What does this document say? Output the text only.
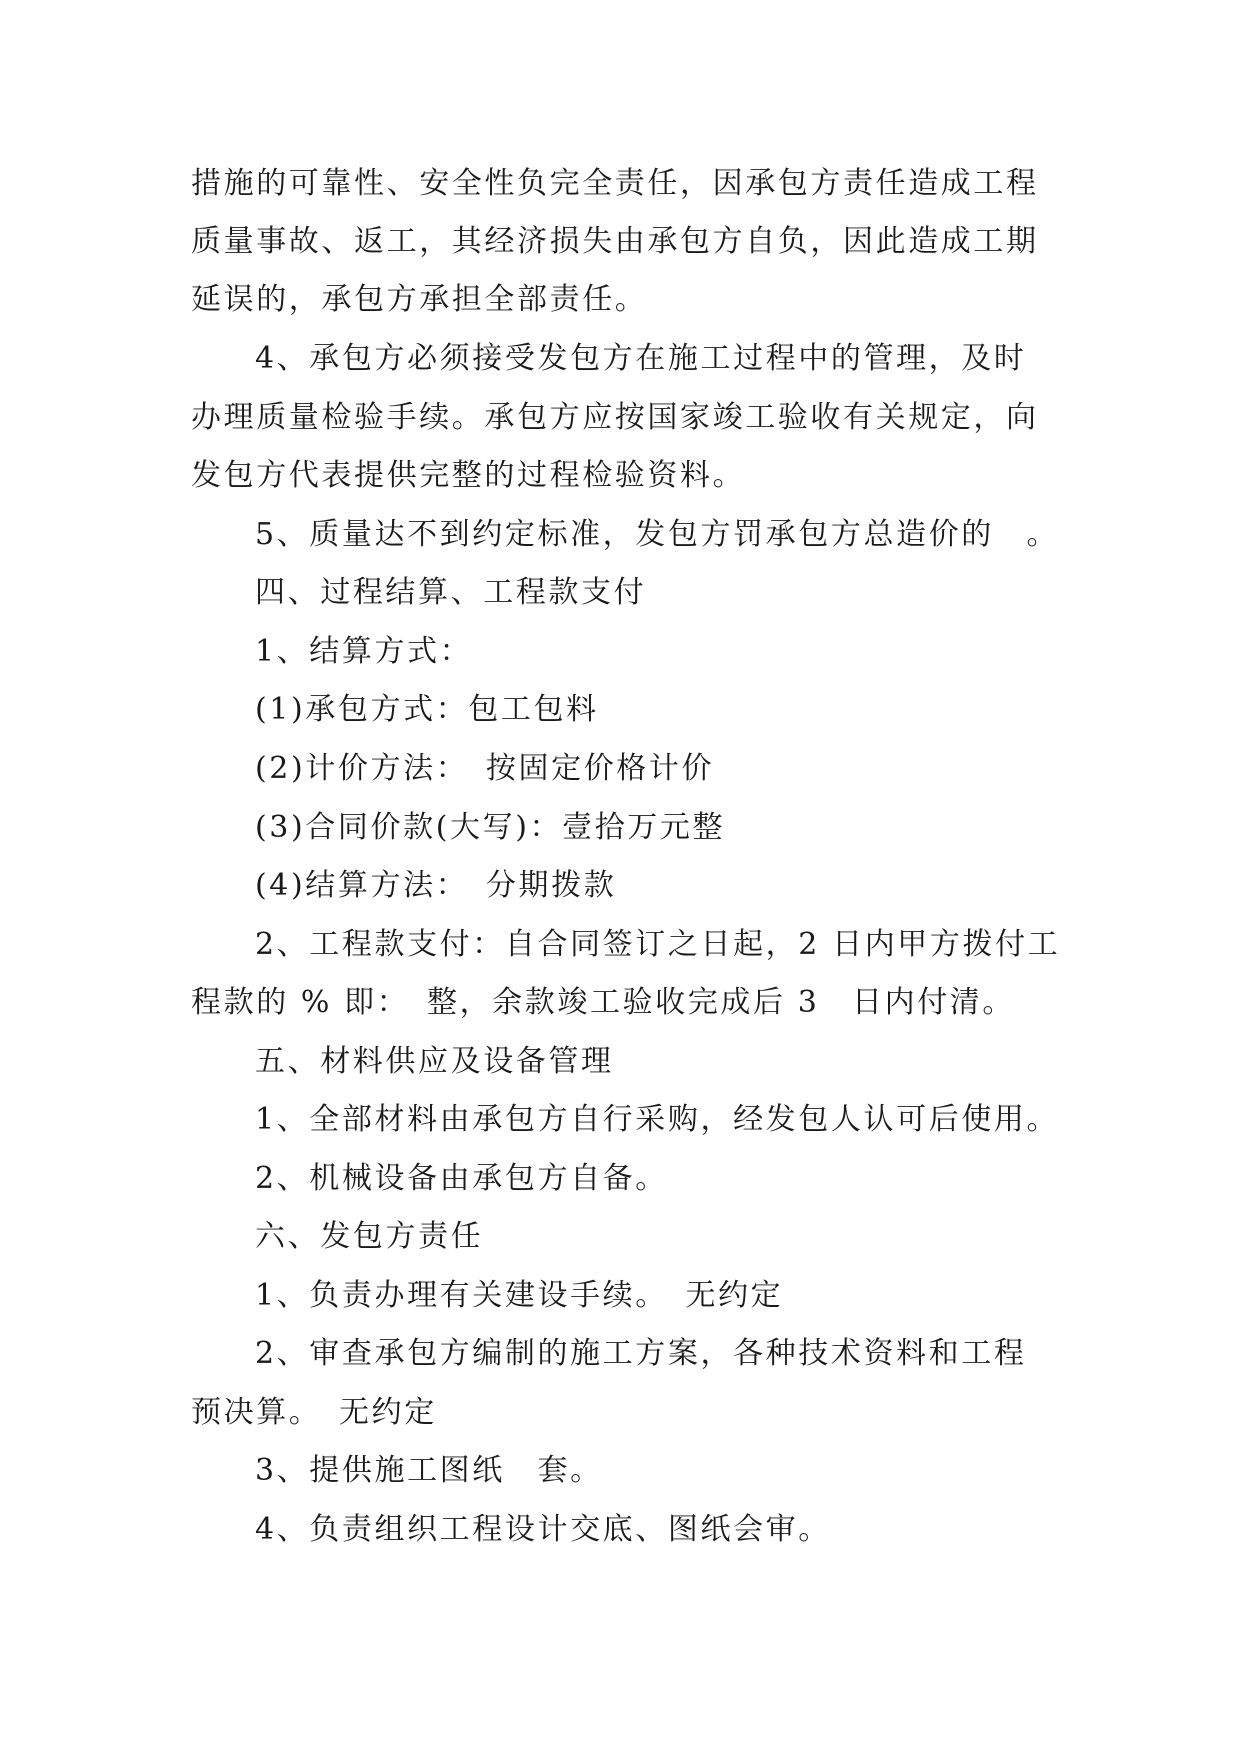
措施的可靠性、安全性负完全责任，因承包方责任造成工程
质量事故、返工，其经济损失由承包方自负，因此造成工期
延误的，承包方承担全部责任。
4、承包方必须接受发包方在施工过程中的管理，及时
办理质量检验手续。承包方应按国家竣工验收有关规定，向
发包方代表提供完整的过程检验资料。
5、质量达不到约定标准，发包方罚承包方总造价的　。
四、过程结算、工程款支付
1、结算方式：
(1)承包方式：包工包料
(2)计价方法：　按固定价格计价
(3)合同价款(大写)：壹拾万元整
(4)结算方法：　分期拨款
2、工程款支付：自合同签订之日起，2 日内甲方拨付工
程款的 % 即：　整，余款竣工验收完成后 3　日内付清。
五、材料供应及设备管理
1、全部材料由承包方自行采购，经发包人认可后使用。
2、机械设备由承包方自备。
六、发包方责任
1、负责办理有关建设手续。　无约定
2、审查承包方编制的施工方案，各种技术资料和工程
预决算。　无约定
3、提供施工图纸　套。
4、负责组织工程设计交底、图纸会审。
